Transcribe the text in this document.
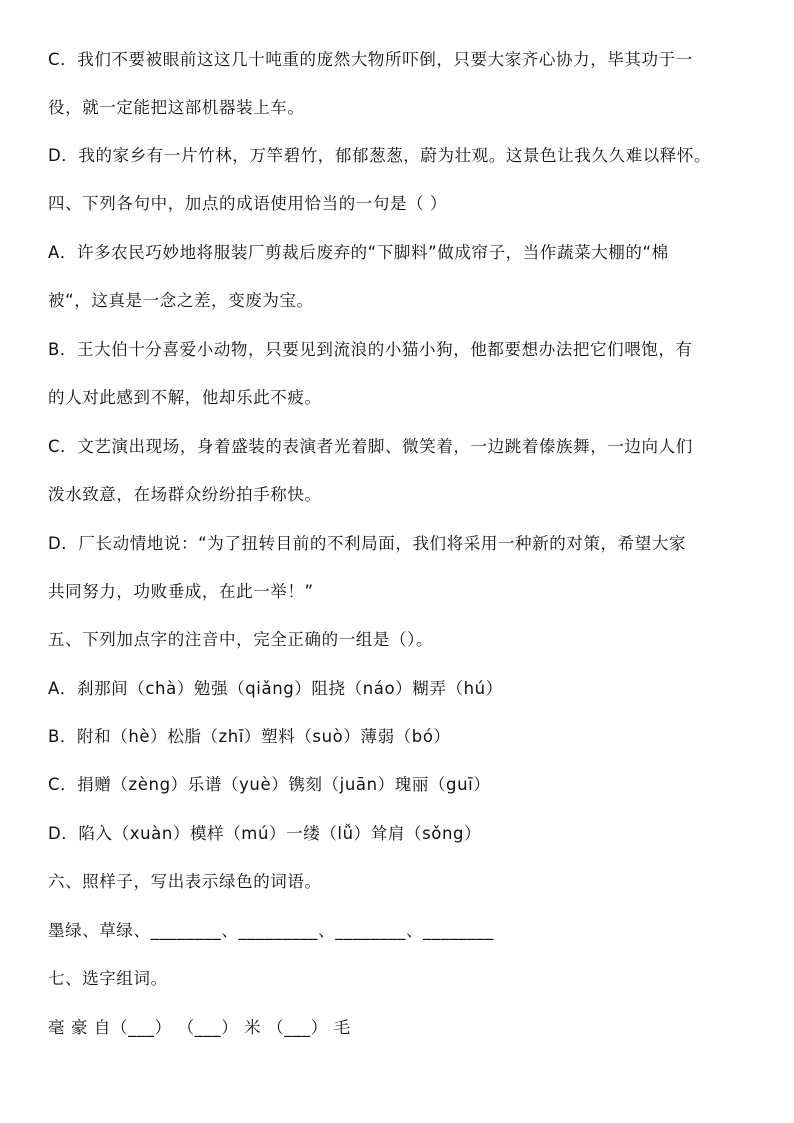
C．我们不要被眼前这这几十吨重的庞然大物所吓倒，只要大家齐心协力，毕其功于一
役，就一定能把这部机器装上车。
D．我的家乡有一片竹林，万竿碧竹，郁郁葱葱，蔚为壮观。这景色让我久久难以释怀。
四、下列各句中，加点的成语使用恰当的一句是（ ）
A．许多农民巧妙地将服装厂剪裁后废弃的“下脚料”做成帘子，当作蔬菜大棚的“棉
被“，这真是一念之差，变废为宝。
B．王大伯十分喜爱小动物，只要见到流浪的小猫小狗，他都要想办法把它们喂饱，有
的人对此感到不解，他却乐此不疲。
C．文艺演出现场，身着盛装的表演者光着脚、微笑着，一边跳着傣族舞，一边向人们
泼水致意，在场群众纷纷拍手称快。
D．厂长动情地说：“为了扭转目前的不利局面，我们将采用一种新的对策，希望大家
共同努力，功败垂成，在此一举！”
五、下列加点字的注音中，完全正确的一组是（）。
A．刹那间（chà）勉强（qiǎng）阻挠（náo）糊弄（hú）
B．附和（hè）松脂（zhī）塑料（suò）薄弱（bó）
C．捐赠（zèng）乐谱（yuè）镌刻（juān）瑰丽（guī）
D．陷入（xuàn）模样（mú）一缕（lǚ）耸肩（sǒng）
六、照样子，写出表示绿色的词语。
墨绿、草绿、________、_________、________、________
七、选字组词。
毫 豪 自（___） （___） 米 （___） 毛
